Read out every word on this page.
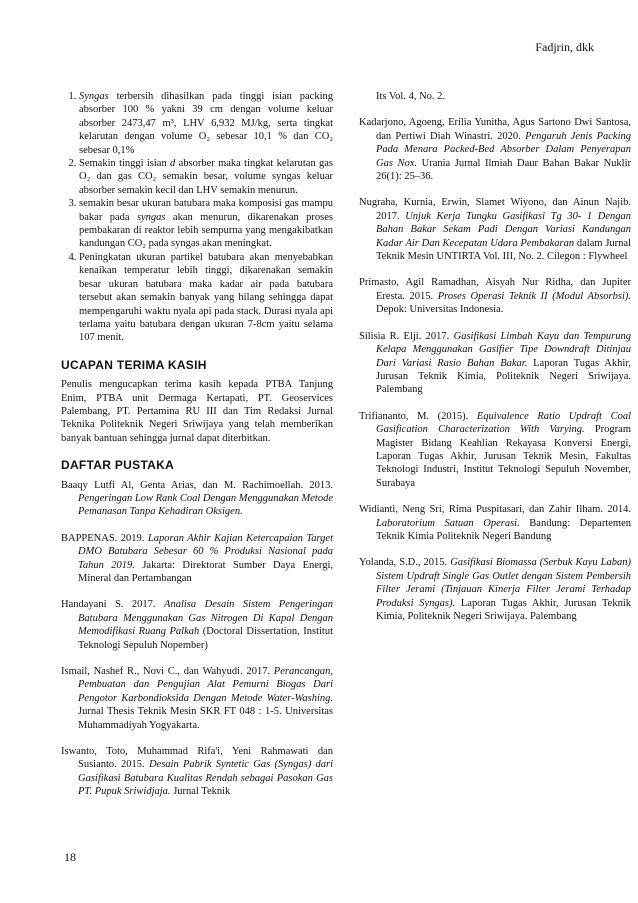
Fadjrin, dkk
1. Syngas terbersih dihasilkan pada tinggi isian packing absorber 100 % yakni 39 cm dengan volume keluar absorber 2473,47 m³, LHV 6,932 MJ/kg, serta tingkat kelarutan dengan volume O₂ sebesar 10,1 % dan CO₂ sebesar 0,1%
2. Semakin tinggi isian d absorber maka tingkat kelarutan gas O₂ dan gas CO₂ semakin besar, volume syngas keluar absorber semakin kecil dan LHV semakin menurun.
3. semakin besar ukuran batubara maka komposisi gas mampu bakar pada syngas akan menurun, dikarenakan proses pembakaran di reaktor lebih sempurna yang mengakibatkan kandungan CO₂ pada syngas akan meningkat.
4. Peningkatan ukuran partikel batubara akan menyebabkan kenaikan temperatur lebih tinggi, dikarenakan semakin besar ukuran batubara maka kadar air pada batubara tersebut akan semakin banyak yang hilang sehingga dapat mempengaruhi waktu nyala api pada stack. Durasi nyala api terlama yaitu batubara dengan ukuran 7-8cm yaitu selama 107 menit.
UCAPAN TERIMA KASIH

Penulis mengucapkan terima kasih kepada PTBA Tanjung Enim, PTBA unit Dermaga Kertapati, PT. Geoservices Palembang, PT. Pertamina RU III dan Tim Redaksi Jurnal Teknika Politeknik Negeri Sriwijaya yang telah memberikan banyak bantuan sehingga jurnal dapat diterbitkan.

DAFTAR PUSTAKA

Baaqy Lutfi Al, Genta Arias, dan M. Rachimoellah. 2013. Pengeringan Low Rank Coal Dengan Menggunakan Metode Pemanasan Tanpa Kehadiran Oksigen.

BAPPENAS. 2019. Laporan Akhir Kajian Ketercapaian Target DMO Batubara Sebesar 60 % Produksi Nasional pada Tahun 2019. Jakarta: Direktorat Sumber Daya Energi, Mineral dan Pertambangan

Handayani S. 2017. Analisa Desain Sistem Pengeringan Batubara Menggunakan Gas Nitrogen Di Kapal Dengan Memodifikasi Ruang Palkah (Doctoral Dissertation, Institut Teknologi Sepuluh Nopember)

Ismail, Nashef R., Novi C., dan Wahyudi. 2017. Perancangan, Pembuatan dan Pengujian Alat Pemurni Biogas Dari Pengotor Karbondioksida Dengan Metode Water-Washing. Jurnal Thesis Teknik Mesin SKR FT 048 : 1-5. Universitas Muhammadiyah Yogyakarta.

Iswanto, Toto, Muhammad Rifa'i, Yeni Rahmawati dan Susianto. 2015. Desain Pabrik Syntetic Gas (Syngas) dari Gasifikasi Batubara Kualitas Rendah sebagai Pasokan Gas PT. Pupuk Sriwidjaja. Jurnal Teknik

Its Vol. 4, No. 2.

Kadarjono, Agoeng, Erilia Yunitha, Agus Sartono Dwi Santosa, dan Pertiwi Diah Winastri. 2020. Pengaruh Jenis Packing Pada Menara Packed-Bed Absorber Dalam Penyerapan Gas Nox. Urania Jurnal Ilmiah Daur Bahan Bakar Nuklir 26(1): 25–36.

Nugraha, Kurnia, Erwin, Slamet Wiyono, dan Ainun Najib. 2017. Unjuk Kerja Tungku Gasifikasi Tg 30- 1 Dengan Bahan Bakar Sekam Padi Dengan Variasi Kandungan Kadar Air Dan Kecepatan Udara Pembakaran dalam Jurnal Teknik Mesin UNTIRTA Vol. III, No. 2. Cilegon : Flywheel

Primasto, Agil Ramadhan, Aisyah Nur Ridha, dan Jupiter Eresta. 2015. Proses Operasi Teknik II (Modul Absorbsi). Depok: Universitas Indonesia.

Silisia R. Elji. 2017. Gasifikasi Limbah Kayu dan Tempurung Kelapa Menggunakan Gasifier Tipe Downdraft Ditinjau Dari Variasi Rasio Bahan Bakar. Laporan Tugas Akhir, Jurusan Teknik Kimia, Politeknik Negeri Sriwijaya. Palembang

Trifiananto, M. (2015). Equivalence Ratio Updraft Coal Gasification Characterization With Varying. Program Magister Bidang Keahlian Rekayasa Konversi Energi, Laporan Tugas Akhir, Jurusan Teknik Mesin, Fakultas Teknologi Industri, Institut Teknologi Sepuluh November, Surabaya

Widianti, Neng Sri, Rima Puspitasari, dan Zahir Ilham. 2014. Laboratorium Satuan Operasi. Bandung: Departemen Teknik Kimia Politeknik Negeri Bandung

Yolanda, S.D., 2015. Gasifikasi Biomassa (Serbuk Kayu Laban) Sistem Updraft Single Gas Outlet dengan Sistem Pembersih Filter Jerami (Tinjauan Kinerja Filter Jerami Terhadap Produksi Syngas). Laporan Tugas Akhir, Jurusan Teknik Kimia, Politeknik Negeri Sriwijaya. Palembang

18
